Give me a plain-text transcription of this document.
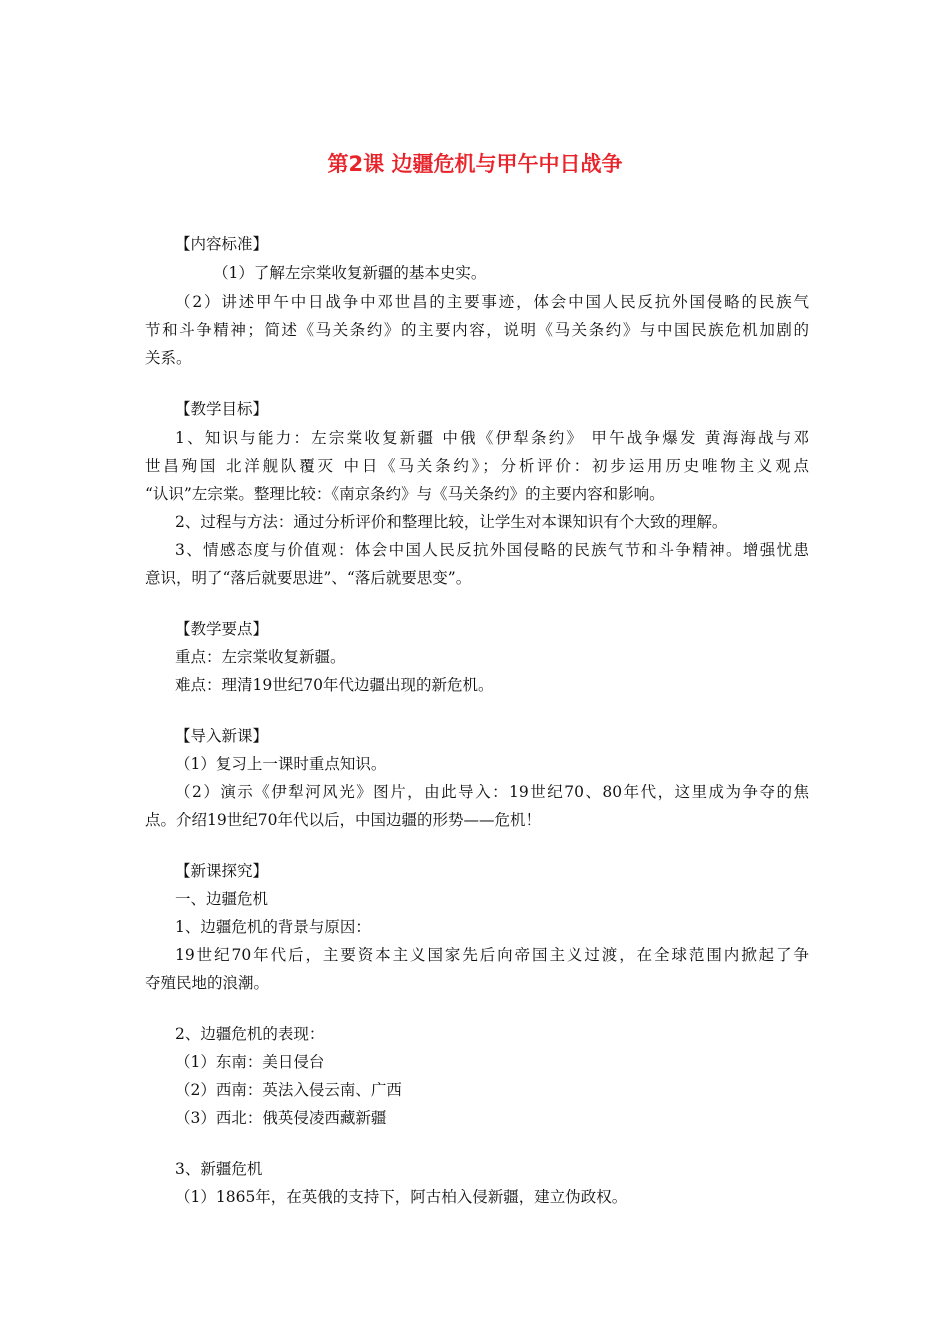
第2课 边疆危机与甲午中日战争
【内容标准】
（1）了解左宗棠收复新疆的基本史实。
（2）讲述甲午中日战争中邓世昌的主要事迹，体会中国人民反抗外国侵略的民族气
节和斗争精神；简述《马关条约》的主要内容，说明《马关条约》与中国民族危机加剧的
关系。
【教学目标】
1、知识与能力：左宗棠收复新疆 中俄《伊犁条约》 甲午战争爆发 黄海海战与邓
世昌殉国 北洋舰队覆灭 中日《马关条约》；分析评价：初步运用历史唯物主义观点
“认识”左宗棠。整理比较：《南京条约》与《马关条约》的主要内容和影响。
2、过程与方法：通过分析评价和整理比较，让学生对本课知识有个大致的理解。
3、情感态度与价值观：体会中国人民反抗外国侵略的民族气节和斗争精神。增强忧患
意识，明了“落后就要思进”、“落后就要思变”。
【教学要点】
重点：左宗棠收复新疆。
难点：理清19世纪70年代边疆出现的新危机。
【导入新课】
（1）复习上一课时重点知识。
（2）演示《伊犁河风光》图片，由此导入：19世纪70、80年代，这里成为争夺的焦
点。介绍19世纪70年代以后，中国边疆的形势——危机！
【新课探究】
一、边疆危机
1、边疆危机的背景与原因：
19世纪70年代后，主要资本主义国家先后向帝国主义过渡，在全球范围内掀起了争
夺殖民地的浪潮。
2、边疆危机的表现：
（1）东南：美日侵台
（2）西南：英法入侵云南、广西
（3）西北：俄英侵凌西藏新疆
3、新疆危机
（1）1865年，在英俄的支持下，阿古柏入侵新疆，建立伪政权。
